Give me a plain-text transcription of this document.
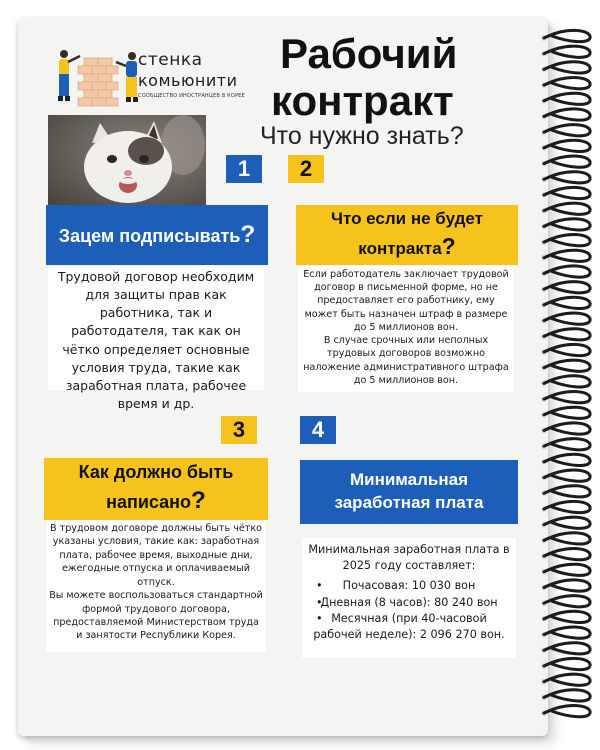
стенка
комьюнити
СООБЩЕСТВО ИНОСТРАНЦЕВ В КОРЕЕ
Рабочий
контракт
Что нужно знать?
1
Зацем подписывать?
Трудовой договор необходим для защиты прав как работника, так и работодателя, так как он чётко определяет основные условия труда, такие как заработная плата, рабочее время и др.
2
Что если не будет
контракта?
Если работодатель заключает трудовой договор в письменной форме, но не предоставляет его работнику, ему может быть назначен штраф в размере до 5 миллионов вон.
В случае срочных или неполных трудовых договоров возможно наложение административного штрафа до 5 миллионов вон.
3
Как должно быть
написано?
В трудовом договоре должны быть чётко указаны условия, такие как: заработная плата, рабочее время, выходные дни, ежегодные отпуска и оплачиваемый отпуск.
Вы можете воспользоваться стандартной формой трудового договора, предоставляемой Министерством труда и занятости Республики Корея.
4
Минимальная
заработная плата
Минимальная заработная плата в 2025 году составляет:
• Почасовая: 10 030 вон
• Дневная (8 часов): 80 240 вон
• Месячная (при 40-часовой рабочей неделе): 2 096 270 вон.
